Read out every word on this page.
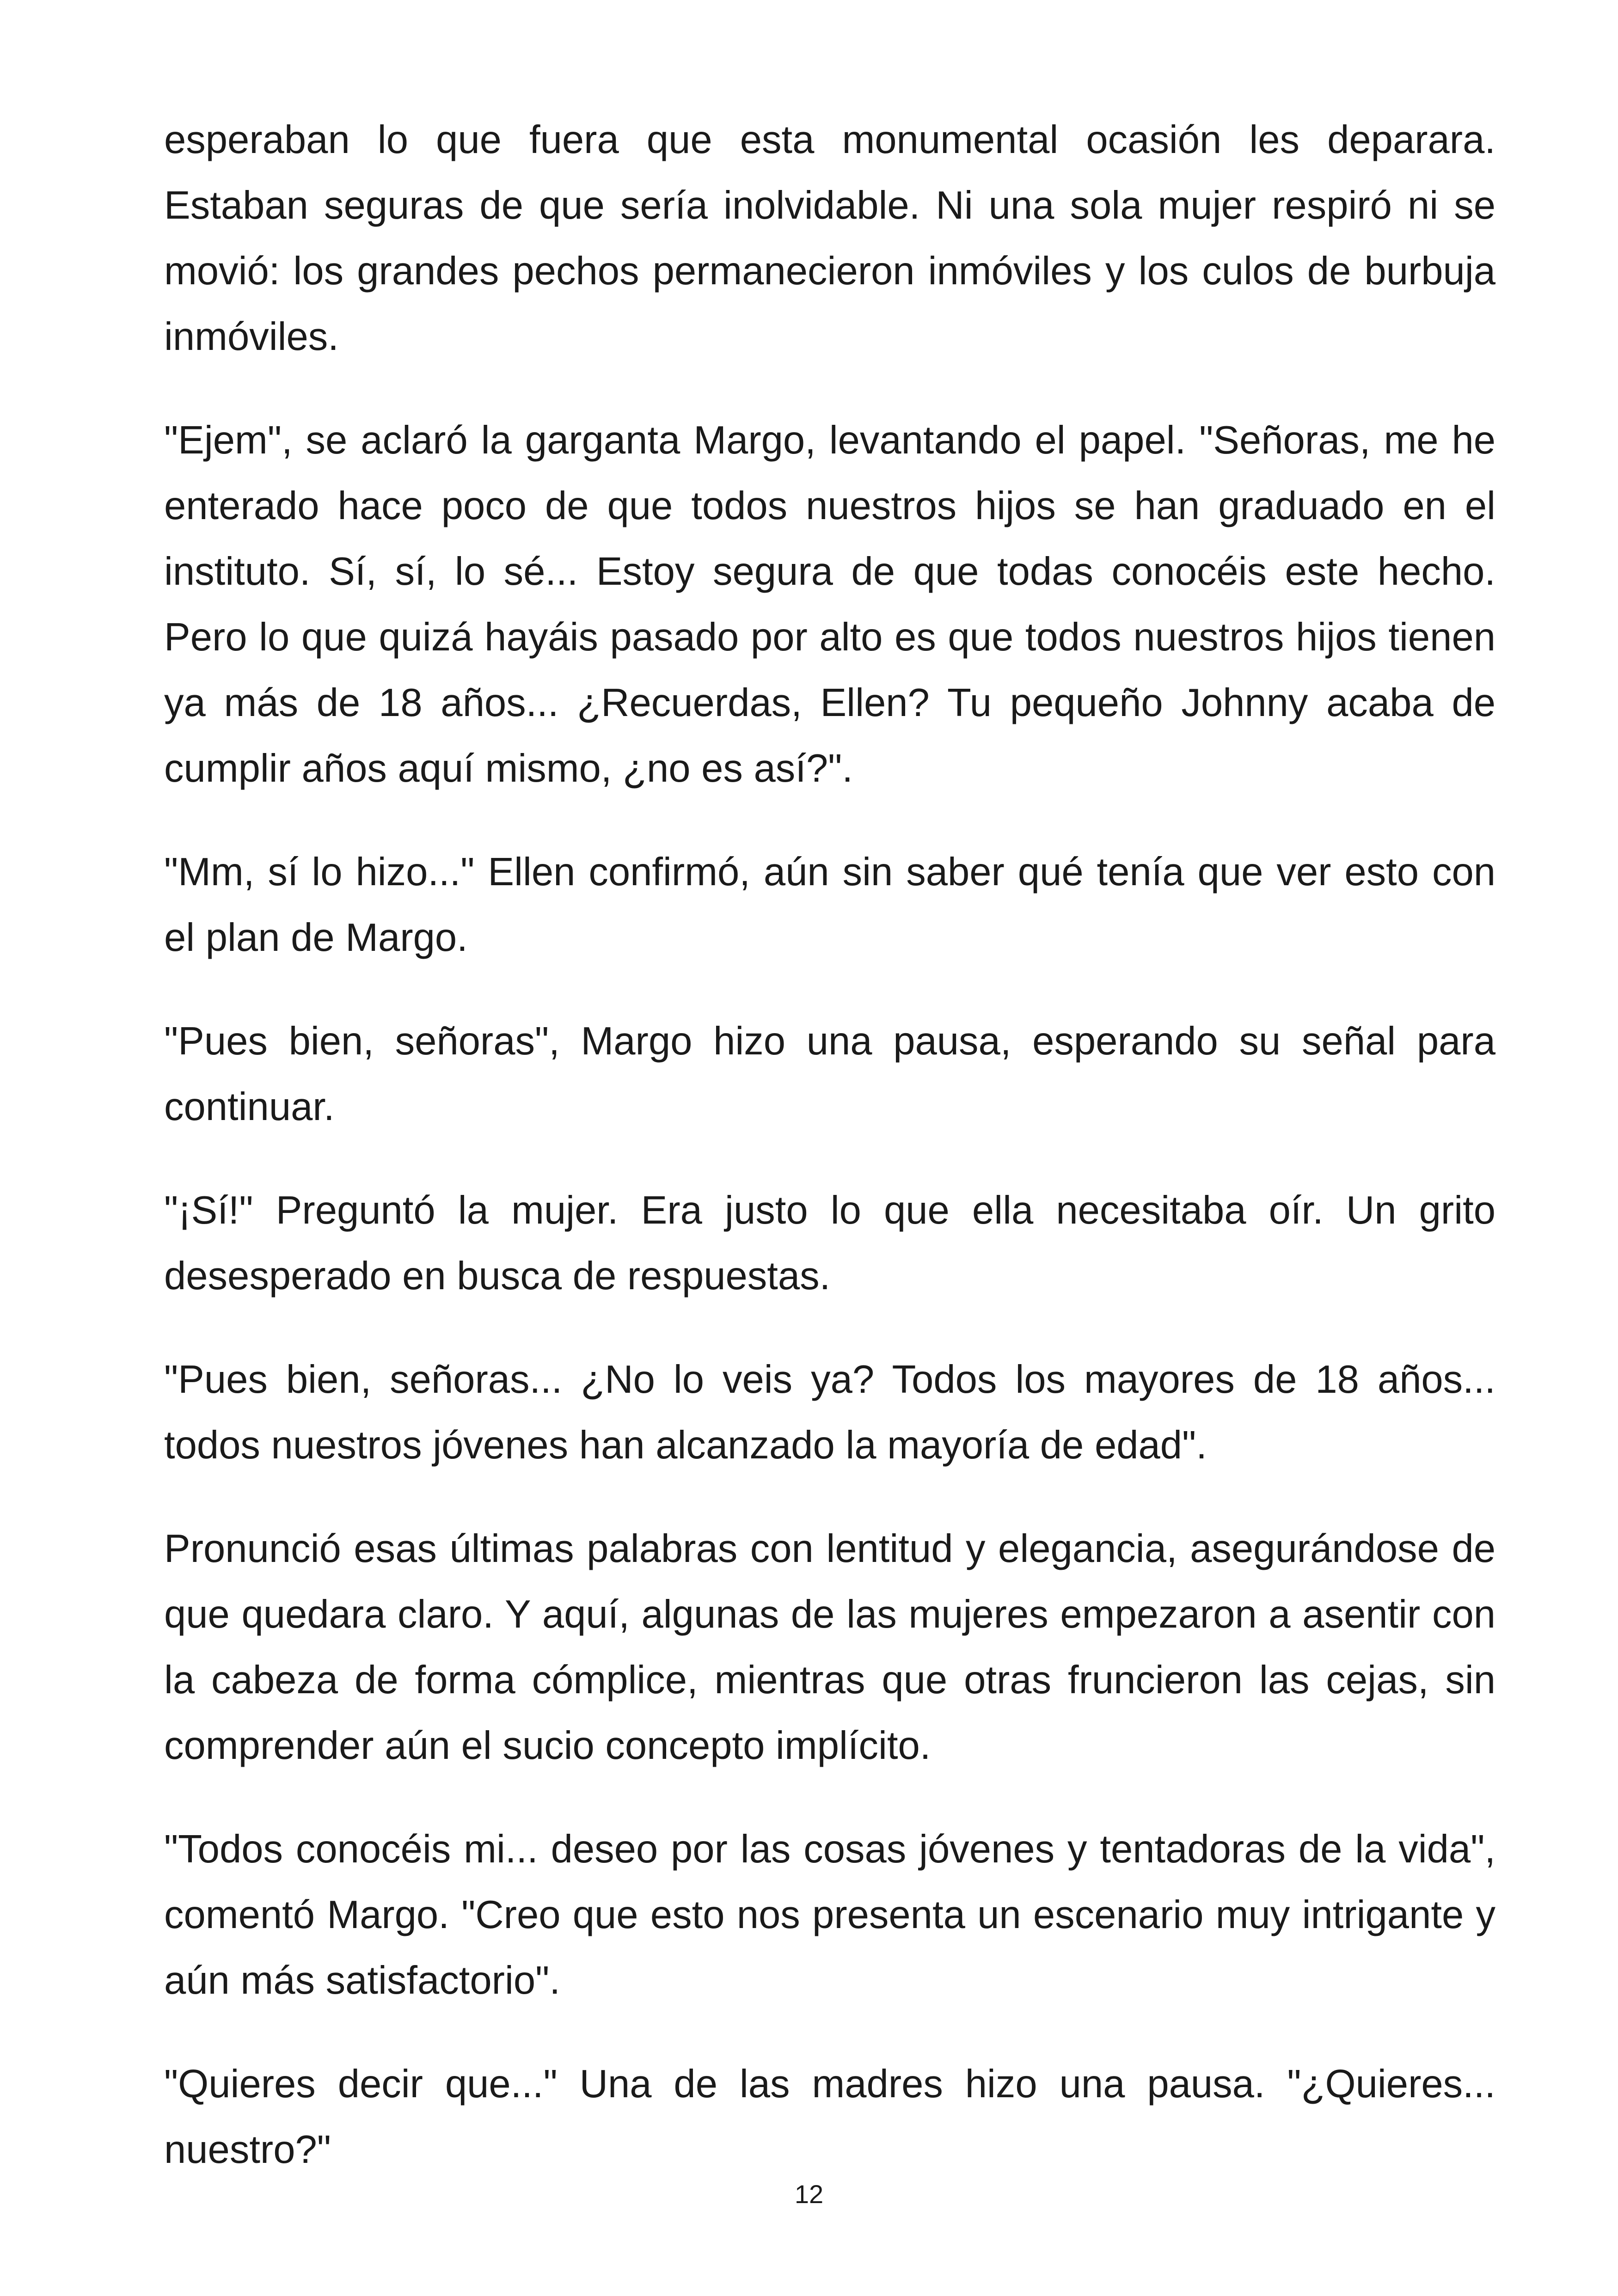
esperaban lo que fuera que esta monumental ocasión les deparara. Estaban seguras de que sería inolvidable. Ni una sola mujer respiró ni se movió: los grandes pechos permanecieron inmóviles y los culos de burbuja inmóviles.

"Ejem", se aclaró la garganta Margo, levantando el papel. "Señoras, me he enterado hace poco de que todos nuestros hijos se han graduado en el instituto. Sí, sí, lo sé... Estoy segura de que todas conocéis este hecho. Pero lo que quizá hayáis pasado por alto es que todos nuestros hijos tienen ya más de 18 años... ¿Recuerdas, Ellen? Tu pequeño Johnny acaba de cumplir años aquí mismo, ¿no es así?".

"Mm, sí lo hizo..." Ellen confirmó, aún sin saber qué tenía que ver esto con el plan de Margo.

"Pues bien, señoras", Margo hizo una pausa, esperando su señal para continuar.

"¡Sí!" Preguntó la mujer. Era justo lo que ella necesitaba oír. Un grito desesperado en busca de respuestas.

"Pues bien, señoras... ¿No lo veis ya? Todos los mayores de 18 años... todos nuestros jóvenes han alcanzado la mayoría de edad".

Pronunció esas últimas palabras con lentitud y elegancia, asegurándose de que quedara claro. Y aquí, algunas de las mujeres empezaron a asentir con la cabeza de forma cómplice, mientras que otras fruncieron las cejas, sin comprender aún el sucio concepto implícito.

"Todos conocéis mi... deseo por las cosas jóvenes y tentadoras de la vida", comentó Margo. "Creo que esto nos presenta un escenario muy intrigante y aún más satisfactorio".

"Quieres decir que..." Una de las madres hizo una pausa. "¿Quieres... nuestro?"

12
